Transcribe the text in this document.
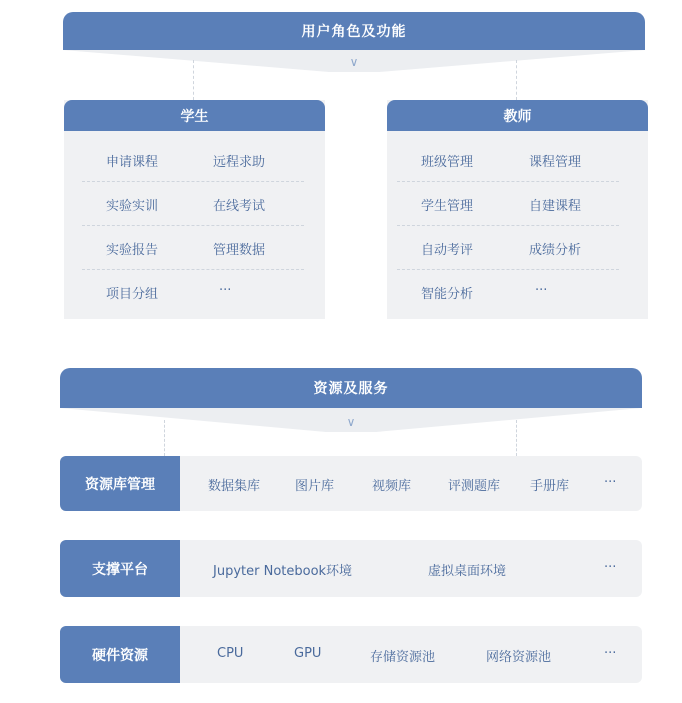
用户角色及功能
∨
学生
申请课程	远程求助
实验实训	在线考试
实验报告	管理数据
项目分组	···
教师
班级管理	课程管理
学生管理	自建课程
自动考评	成绩分析
智能分析	···
资源及服务
∨
资源库管理	数据集库	图片库	视频库	评测题库 手册库	···
支撑平台	Jupyter Notebook环境	虚拟桌面环境	···
硬件资源	CPU	GPU	存储资源池	网络资源池	···
